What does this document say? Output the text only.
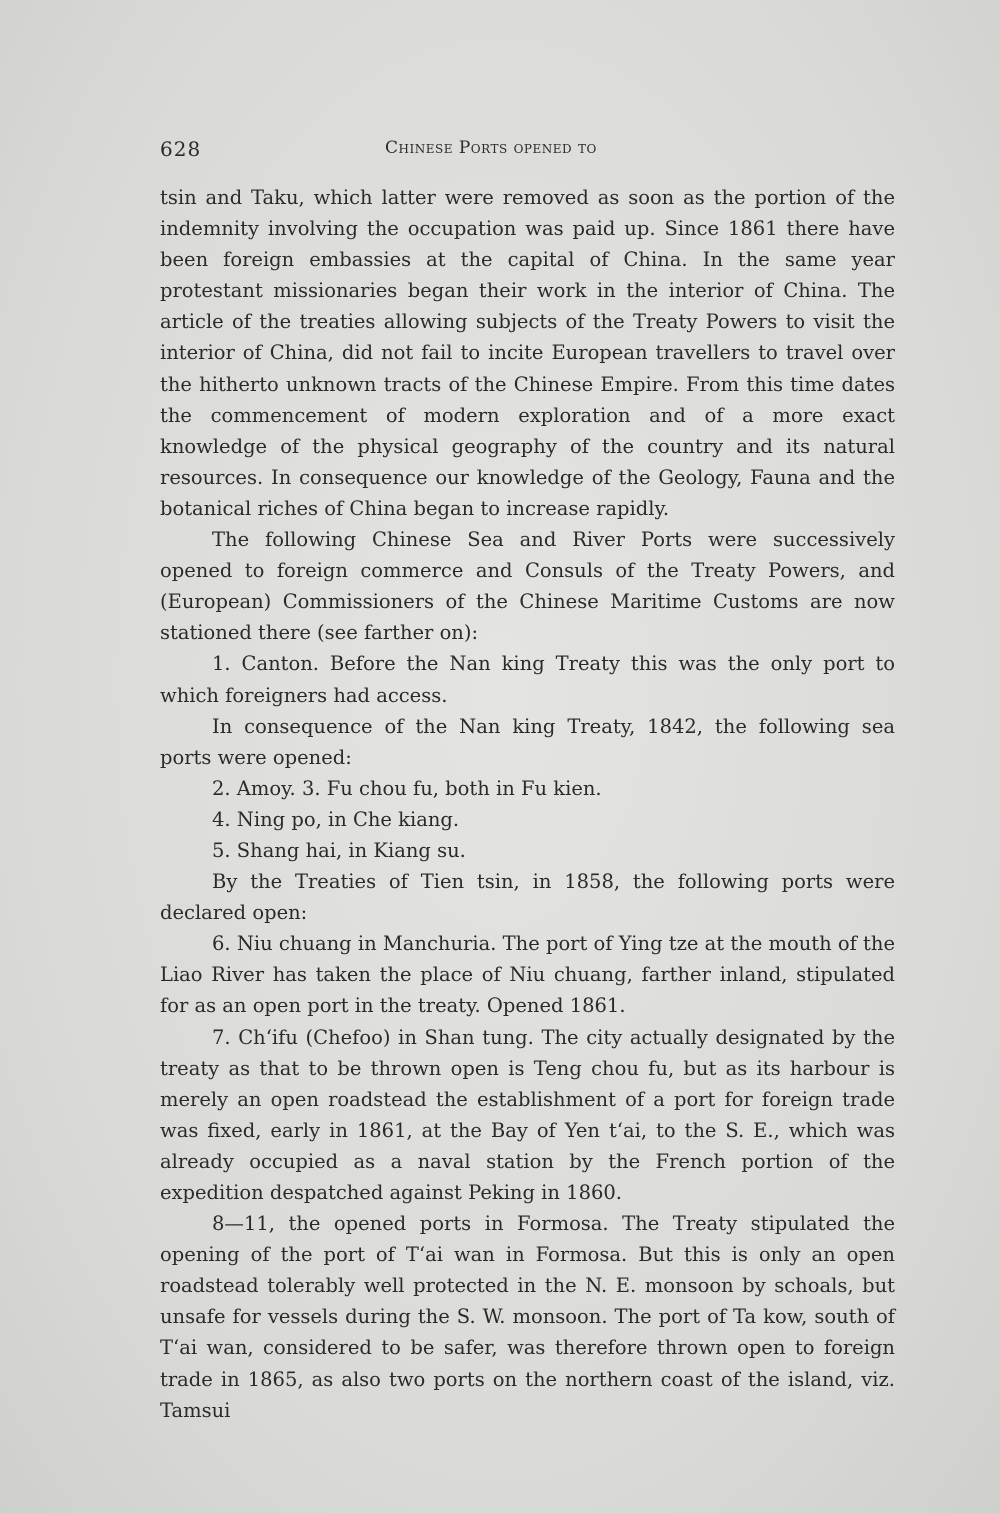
628	Chinese Ports opened to

tsin and Taku, which latter were removed as soon as the portion of the indemnity involving the occupation was paid up. Since 1861 there have been foreign embassies at the capital of China. In the same year protestant missionaries began their work in the interior of China. The article of the treaties allowing subjects of the Treaty Powers to visit the interior of China, did not fail to incite European travellers to travel over the hitherto unknown tracts of the Chinese Empire. From this time dates the commencement of modern exploration and of a more exact knowledge of the physical geography of the country and its natural resources. In consequence our knowledge of the Geology, Fauna and the botanical riches of China began to increase rapidly.

The following Chinese Sea and River Ports were successively opened to foreign commerce and Consuls of the Treaty Powers, and (European) Commissioners of the Chinese Maritime Customs are now stationed there (see farther on):

1. Canton. Before the Nan king Treaty this was the only port to which foreigners had access.

In consequence of the Nan king Treaty, 1842, the following sea ports were opened:

2. Amoy. 3. Fu chou fu, both in Fu kien.

4. Ning po, in Che kiang.

5. Shang hai, in Kiang su.

By the Treaties of Tien tsin, in 1858, the following ports were declared open:

6. Niu chuang in Manchuria. The port of Ying tze at the mouth of the Liao River has taken the place of Niu chuang, farther inland, stipulated for as an open port in the treaty. Opened 1861.

7. Chʻifu (Chefoo) in Shan tung. The city actually designated by the treaty as that to be thrown open is Teng chou fu, but as its harbour is merely an open roadstead the establishment of a port for foreign trade was fixed, early in 1861, at the Bay of Yen tʻai, to the S. E., which was already occupied as a naval station by the French portion of the expedition despatched against Peking in 1860.

8—11, the opened ports in Formosa. The Treaty stipulated the opening of the port of Tʻai wan in Formosa. But this is only an open roadstead tolerably well protected in the N. E. monsoon by schoals, but unsafe for vessels during the S. W. monsoon. The port of Ta kow, south of Tʻai wan, considered to be safer, was therefore thrown open to foreign trade in 1865, as also two ports on the northern coast of the island, viz. Tamsui
